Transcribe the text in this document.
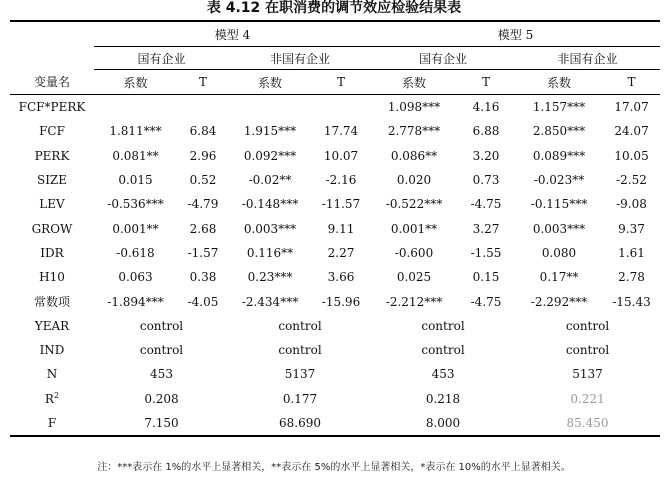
表 4.12 在职消费的调节效应检验结果表
	模型 4				模型 5			
	国有企业		非国有企业		国有企业		非国有企业	
变量名	系数	T	系数	T	系数	T	系数	T
FCF*PERK					1.098***	4.16	1.157***	17.07
FCF	1.811***	6.84	1.915***	17.74	2.778***	6.88	2.850***	24.07
PERK	0.081**	2.96	0.092***	10.07	0.086**	3.20	0.089***	10.05
SIZE	0.015	0.52	-0.02**	-2.16	0.020	0.73	-0.023**	-2.52
LEV	-0.536***	-4.79	-0.148***	-11.57	-0.522***	-4.75	-0.115***	-9.08
GROW	0.001**	2.68	0.003***	9.11	0.001**	3.27	0.003***	9.37
IDR	-0.618	-1.57	0.116**	2.27	-0.600	-1.55	0.080	1.61
H10	0.063	0.38	0.23***	3.66	0.025	0.15	0.17**	2.78
常数项	-1.894***	-4.05	-2.434***	-15.96	-2.212***	-4.75	-2.292***	-15.43
YEAR	control		control		control		control	
IND	control		control		control		control	
N	453		5137		453		5137	
$R^2$	0.208		0.177		0.218		0.221	
F	7.150		68.690		8.000		85.450	
注：***表示在 1%的水平上显著相关，**表示在 5%的水平上显著相关，*表示在 10%的水平上显著相关。
